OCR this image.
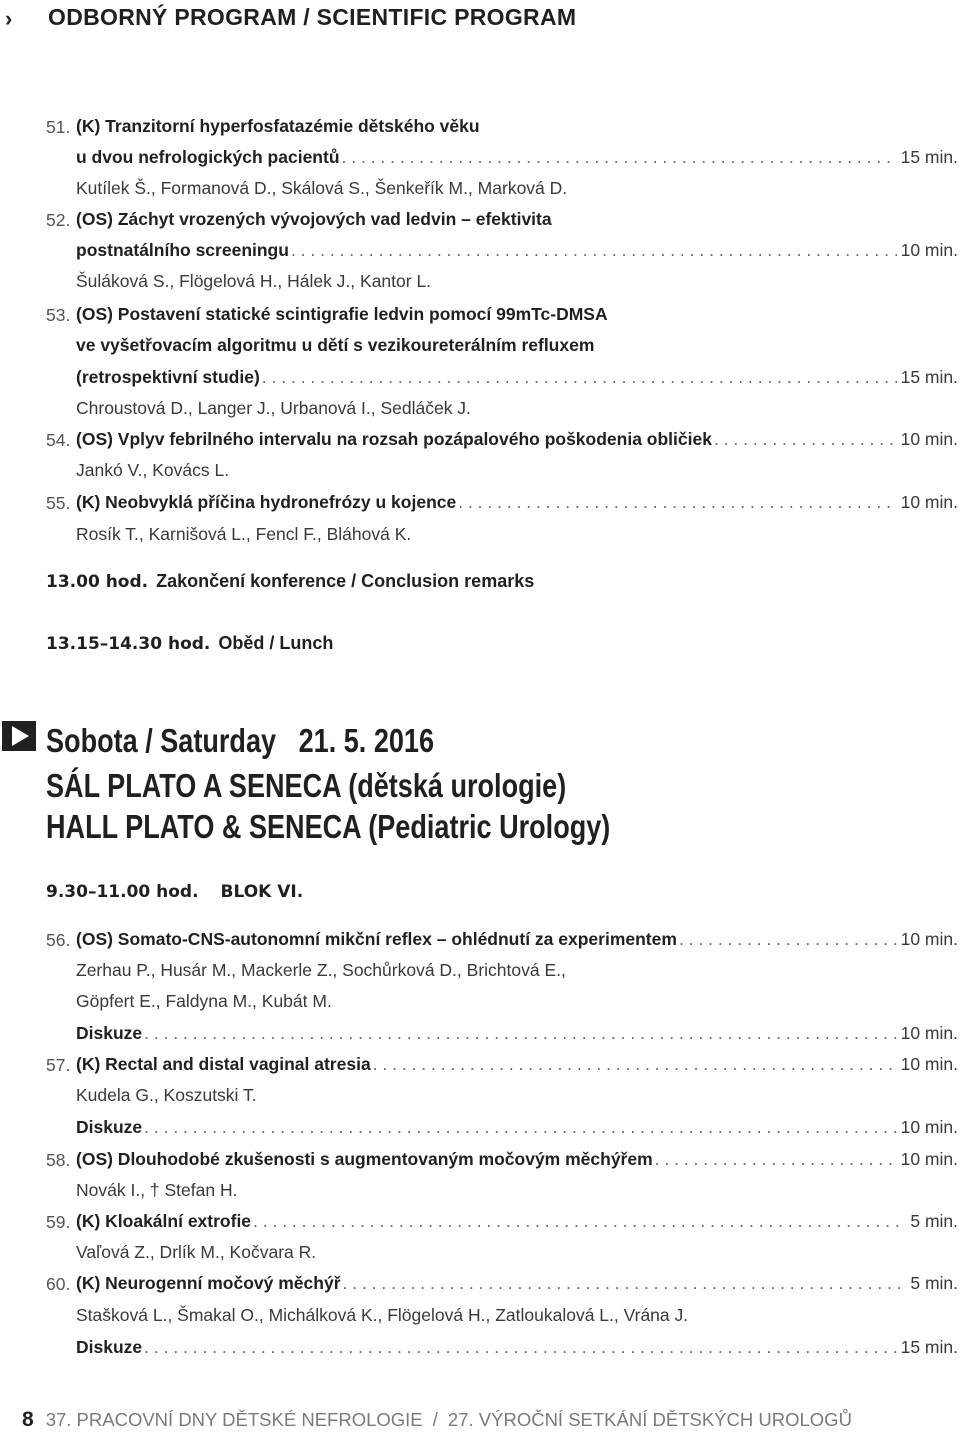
› ODBORNÝ PROGRAM / SCIENTIFIC PROGRAM
51. (K) Tranzitorní hyperfosfatazémie dětského věku
u dvou nefrologických pacientů . . .	15 min.
Kutílek Š., Formanová D., Skálová S., Šenkeřík M., Marková D.
52. (OS) Záchyt vrozených vývojových vad ledvin – efektivita
postnatálního screeningu . . .	10 min.
Šuláková S., Flögelová H., Hálek J., Kantor L.
53. (OS) Postavení statické scintigrafie ledvin pomocí 99mTc-DMSA
ve vyšetřovacím algoritmu u dětí s vezikoureterálním refluxem
(retrospektivní studie) . . .	15 min.
Chroustová D., Langer J., Urbanová I., Sedláček J.
54. (OS) Vplyv febrilného intervalu na rozsah pozápalového poškodenia obličiek . . .	10 min.
Jankó V., Kovács L.
55. (K) Neobvyklá příčina hydronefrózy u kojence . . .	10 min.
Rosík T., Karnišová L., Fencl F., Bláhová K.
13.00 hod. Zakončení konference / Conclusion remarks
13.15–14.30 hod. Oběd / Lunch
Sobota / Saturday   21. 5. 2016
SÁL PLATO A SENECA (dětská urologie)
HALL PLATO & SENECA (Pediatric Urology)
9.30–11.00 hod. BLOK VI.
56. (OS) Somato-CNS-autonomní mikční reflex – ohlédnutí za experimentem . . .	10 min.
Zerhau P., Husár M., Mackerle Z., Sochůrková D., Brichtová E.,
Göpfert E., Faldyna M., Kubát M.
Diskuze . . .	10 min.
57. (K) Rectal and distal vaginal atresia . . .	10 min.
Kudela G., Koszutski T.
Diskuze . . .	10 min.
58. (OS) Dlouhodobé zkušenosti s augmentovaným močovým měchýřem . . .	10 min.
Novák I., † Stefan H.
59. (K) Kloakální extrofie . . .	5 min.
Vaľová Z., Drlík M., Kočvara R.
60. (K) Neurogenní močový měchýř . . .	5 min.
Stašková L., Šmakal O., Michálková K., Flögelová H., Zatloukalová L., Vrána J.
Diskuze . . .	15 min.
8 37. PRACOVNÍ DNY DĚTSKÉ NEFROLOGIE / 27. VÝROČNÍ SETKÁNÍ DĚTSKÝCH UROLOGŮ
